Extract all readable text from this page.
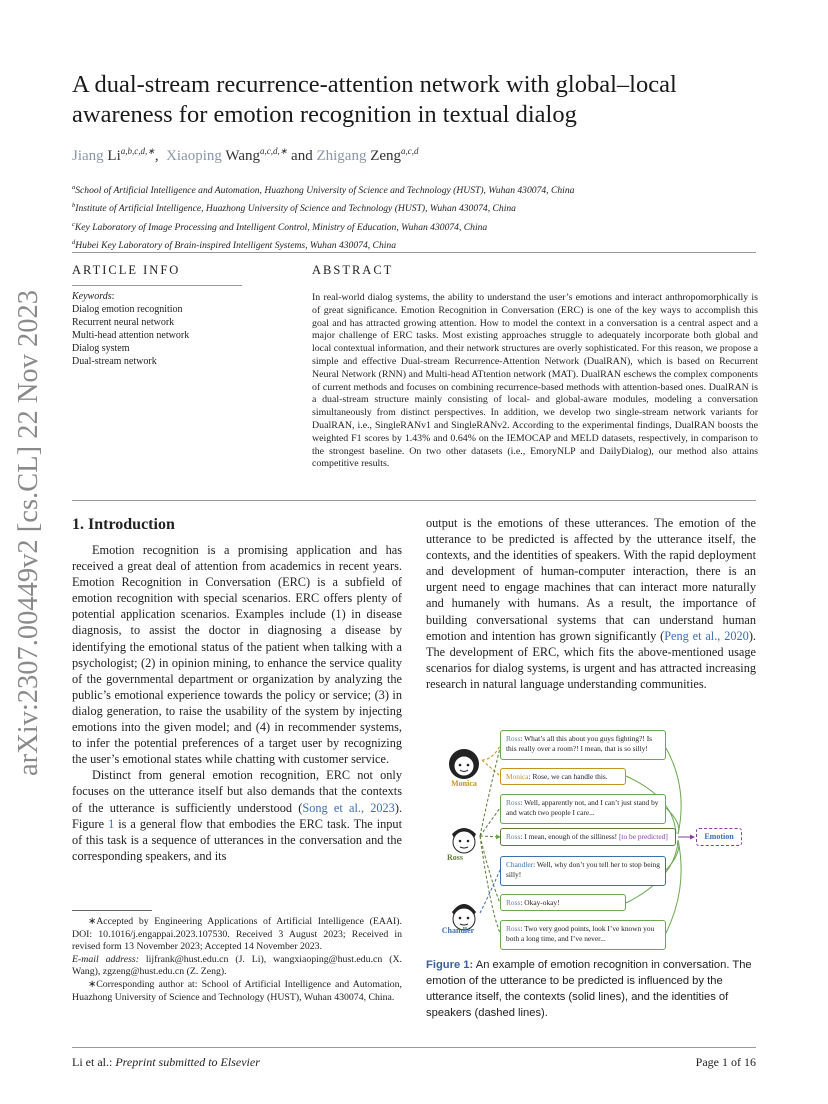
arXiv:2307.00449v2 [cs.CL] 22 Nov 2023
A dual-stream recurrence-attention network with global–local awareness for emotion recognition in textual dialog
Jiang $Li^{a,b,c,d,∗}$,  Xiaoping Wang$^{a,c,d,∗}$ and Zhigang Zeng$^{a,c,d}$
$^a$School of Artificial Intelligence and Automation, Huazhong University of Science and Technology (HUST), Wuhan 430074, China
$^b$Institute of Artificial Intelligence, Huazhong University of Science and Technology (HUST), Wuhan 430074, China
$^c$Key Laboratory of Image Processing and Intelligent Control, Ministry of Education, Wuhan 430074, China
$^d$Hubei Key Laboratory of Brain-inspired Intelligent Systems, Wuhan 430074, China
ARTICLE INFO	ABSTRACT
Keywords:
Dialog emotion recognition
Recurrent neural network
Multi-head attention network
Dialog system
Dual-stream network
In real-world dialog systems, the ability to understand the user’s emotions and interact anthropomorphically is of great significance. Emotion Recognition in Conversation (ERC) is one of the key ways to accomplish this goal and has attracted growing attention. How to model the context in a conversation is a central aspect and a major challenge of ERC tasks. Most existing approaches struggle to adequately incorporate both global and local contextual information, and their network structures are overly sophisticated. For this reason, we propose a simple and effective Dual-stream Recurrence-Attention Network (DualRAN), which is based on Recurrent Neural Network (RNN) and Multi-head ATtention network (MAT). DualRAN eschews the complex components of current methods and focuses on combining recurrence-based methods with attention-based ones. DualRAN is a dual-stream structure mainly consisting of local- and global-aware modules, modeling a conversation simultaneously from distinct perspectives. In addition, we develop two single-stream network variants for DualRAN, i.e., SingleRANv1 and SingleRANv2. According to the experimental findings, DualRAN boosts the weighted F1 scores by 1.43% and 0.64% on the IEMOCAP and MELD datasets, respectively, in comparison to the strongest baseline. On two other datasets (i.e., EmoryNLP and DailyDialog), our method also attains competitive results.
1. Introduction

Emotion recognition is a promising application and has received a great deal of attention from academics in recent years. Emotion Recognition in Conversation (ERC) is a subfield of emotion recognition with special scenarios. ERC offers plenty of potential application scenarios. Examples include (1) in disease diagnosis, to assist the doctor in diagnosing a disease by identifying the emotional status of the patient when talking with a psychologist; (2) in opinion mining, to enhance the service quality of the governmental department or organization by analyzing the public’s emotional experience towards the policy or service; (3) in dialog generation, to raise the usability of the system by injecting emotions into the given model; and (4) in recommender systems, to infer the potential preferences of a target user by recognizing the user’s emotional states while chatting with customer service.

Distinct from general emotion recognition, ERC not only focuses on the utterance itself but also demands that the contexts of the utterance is sufficiently understood (Song et al., 2023). Figure 1 is a general flow that embodies the ERC task. The input of this task is a sequence of utterances in the conversation and the corresponding speakers, and its

∗Accepted by Engineering Applications of Artificial Intelligence (EAAI). DOI: 10.1016/j.engappai.2023.107530. Received 3 August 2023; Received in revised form 13 November 2023; Accepted 14 November 2023.

E-mail address: lijfrank@hust.edu.cn (J. Li), wangxiaoping@hust.edu.cn (X. Wang), zgzeng@hust.edu.cn (Z. Zeng).

∗Corresponding author at: School of Artificial Intelligence and Automation, Huazhong University of Science and Technology (HUST), Wuhan 430074, China.

output is the emotions of these utterances. The emotion of the utterance to be predicted is affected by the utterance itself, the contexts, and the identities of speakers. With the rapid deployment and development of human-computer interaction, there is an urgent need to engage machines that can interact more naturally and humanely with humans. As a result, the importance of building conversational systems that can understand human emotion and intention has grown significantly (Peng et al., 2020). The development of ERC, which fits the above-mentioned usage scenarios for dialog systems, is urgent and has attracted increasing research in natural language understanding communities.

Monica
Ross
Chandler
Ross: What’s all this about you guys fighting?! Is this really over a room?! I mean, that is so silly!
Monica: Rose, we can handle this.
Ross: Well, apparently not, and I can’t just stand by and watch two people I care...
Ross: I mean, enough of the silliness! [to be predicted]
Chandler: Well, why don’t you tell her to stop being silly!
Ross: Okay-okay!
Ross: Two very good points, look I’ve known you both a long time, and I’ve never...
Emotion
Figure 1: An example of emotion recognition in conversation. The emotion of the utterance to be predicted is influenced by the utterance itself, the contexts (solid lines), and the identities of speakers (dashed lines).
Li et al.: Preprint submitted to Elsevier	Page 1 of 16
